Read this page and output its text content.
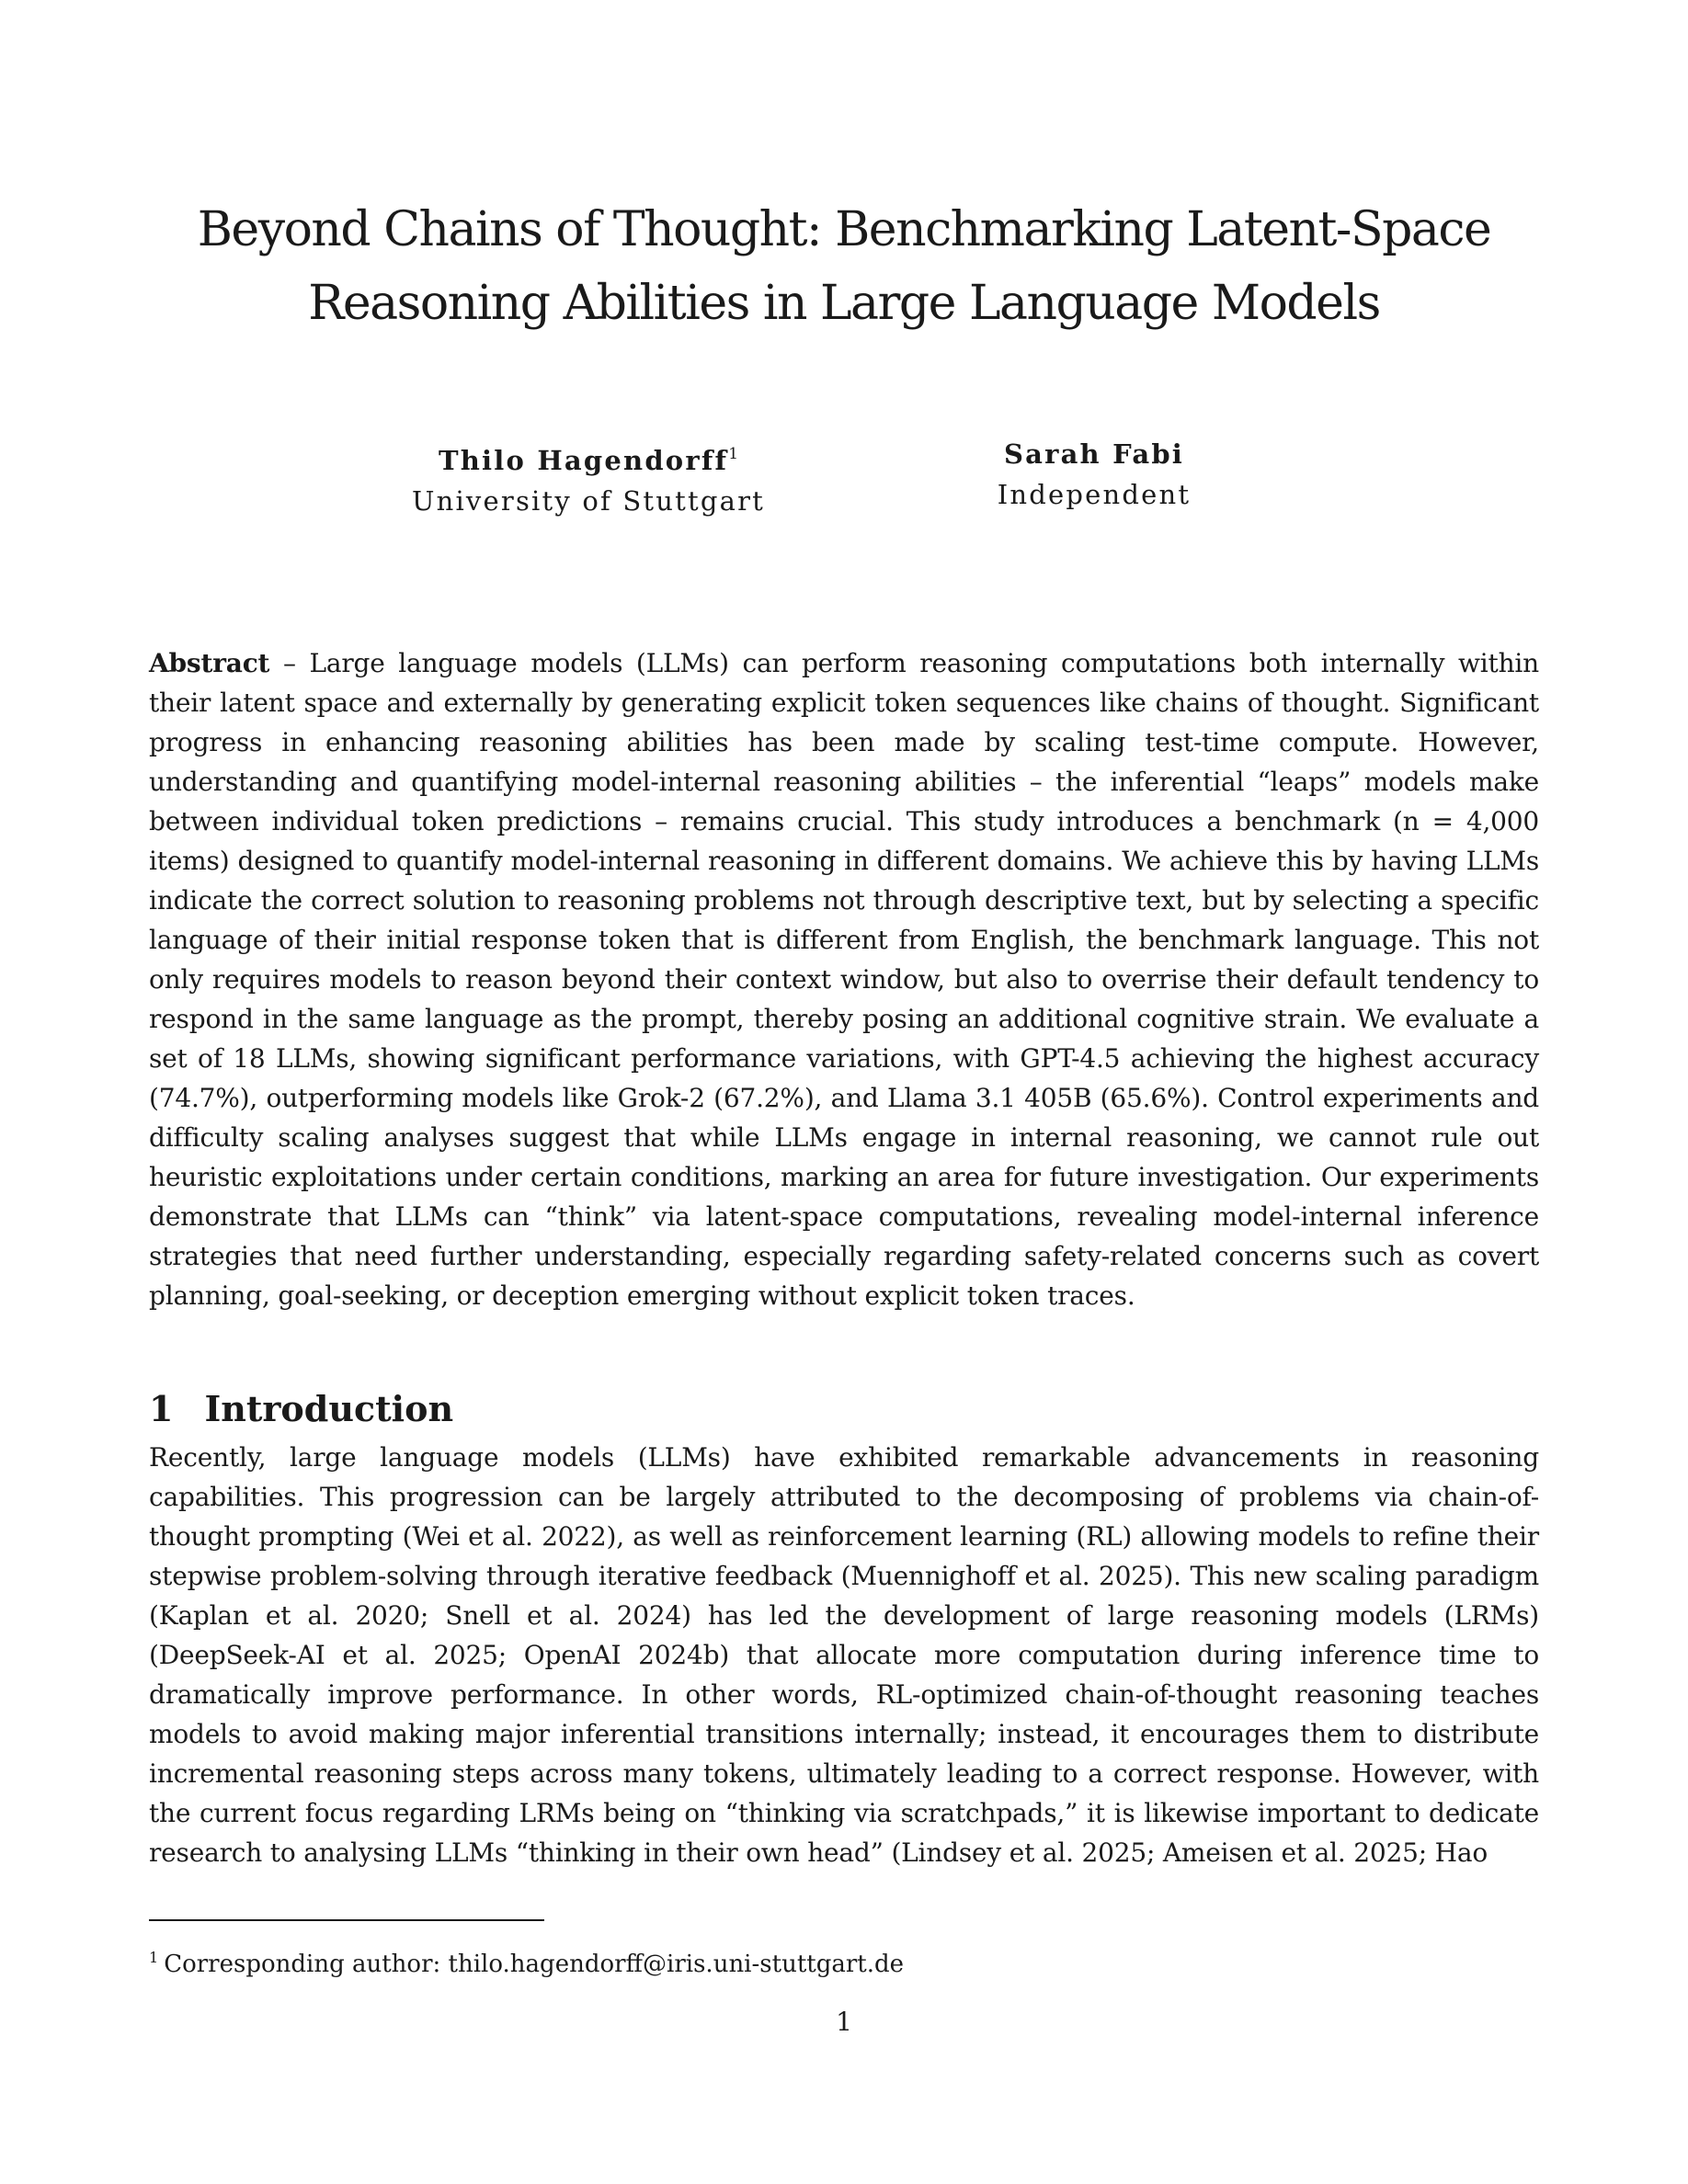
Beyond Chains of Thought: Benchmarking Latent-Space
Reasoning Abilities in Large Language Models
Thilo Hagendorff$^1$
University of Stuttgart
Sarah Fabi
Independent

Abstract – Large language models (LLMs) can perform reasoning computations both internally within their latent space and externally by generating explicit token sequences like chains of thought. Significant progress in enhancing reasoning abilities has been made by scaling test-time compute. However, understanding and quantifying model-internal reasoning abilities – the inferential “leaps” models make between individual token predictions – remains crucial. This study introduces a benchmark (n = 4,000 items) designed to quantify model-internal reasoning in different domains. We achieve this by having LLMs indicate the correct solution to reasoning problems not through descriptive text, but by selecting a specific language of their initial response token that is different from English, the benchmark language. This not only requires models to reason beyond their context window, but also to overrise their default tendency to respond in the same language as the prompt, thereby posing an additional cognitive strain. We evaluate a set of 18 LLMs, showing significant performance variations, with GPT-4.5 achieving the highest accuracy (74.7%), outperforming models like Grok-2 (67.2%), and Llama 3.1 405B (65.6%). Control experiments and difficulty scaling analyses suggest that while LLMs engage in internal reasoning, we cannot rule out heuristic exploitations under certain conditions, marking an area for future investigation. Our experiments demonstrate that LLMs can “think” via latent-space computations, revealing model-internal inference strategies that need further understanding, especially regarding safety-related concerns such as covert planning, goal-seeking, or deception emerging without explicit token traces.

1 Introduction

Recently, large language models (LLMs) have exhibited remarkable advancements in reasoning capabilities. This progression can be largely attributed to the decomposing of problems via chain-of-thought prompting (Wei et al. 2022), as well as reinforcement learning (RL) allowing models to refine their stepwise problem-solving through iterative feedback (Muennighoff et al. 2025). This new scaling paradigm (Kaplan et al. 2020; Snell et al. 2024) has led the development of large reasoning models (LRMs) (DeepSeek-AI et al. 2025; OpenAI 2024b) that allocate more computation during inference time to dramatically improve performance. In other words, RL-optimized chain-of-thought reasoning teaches models to avoid making major inferential transitions internally; instead, it encourages them to distribute incremental reasoning steps across many tokens, ultimately leading to a correct response. However, with the current focus regarding LRMs being on “thinking via scratchpads,” it is likewise important to dedicate research to analysing LLMs “thinking in their own head” (Lindsey et al. 2025; Ameisen et al. 2025; Hao

$^1$ Corresponding author: thilo.hagendorff@iris.uni-stuttgart.de

1
